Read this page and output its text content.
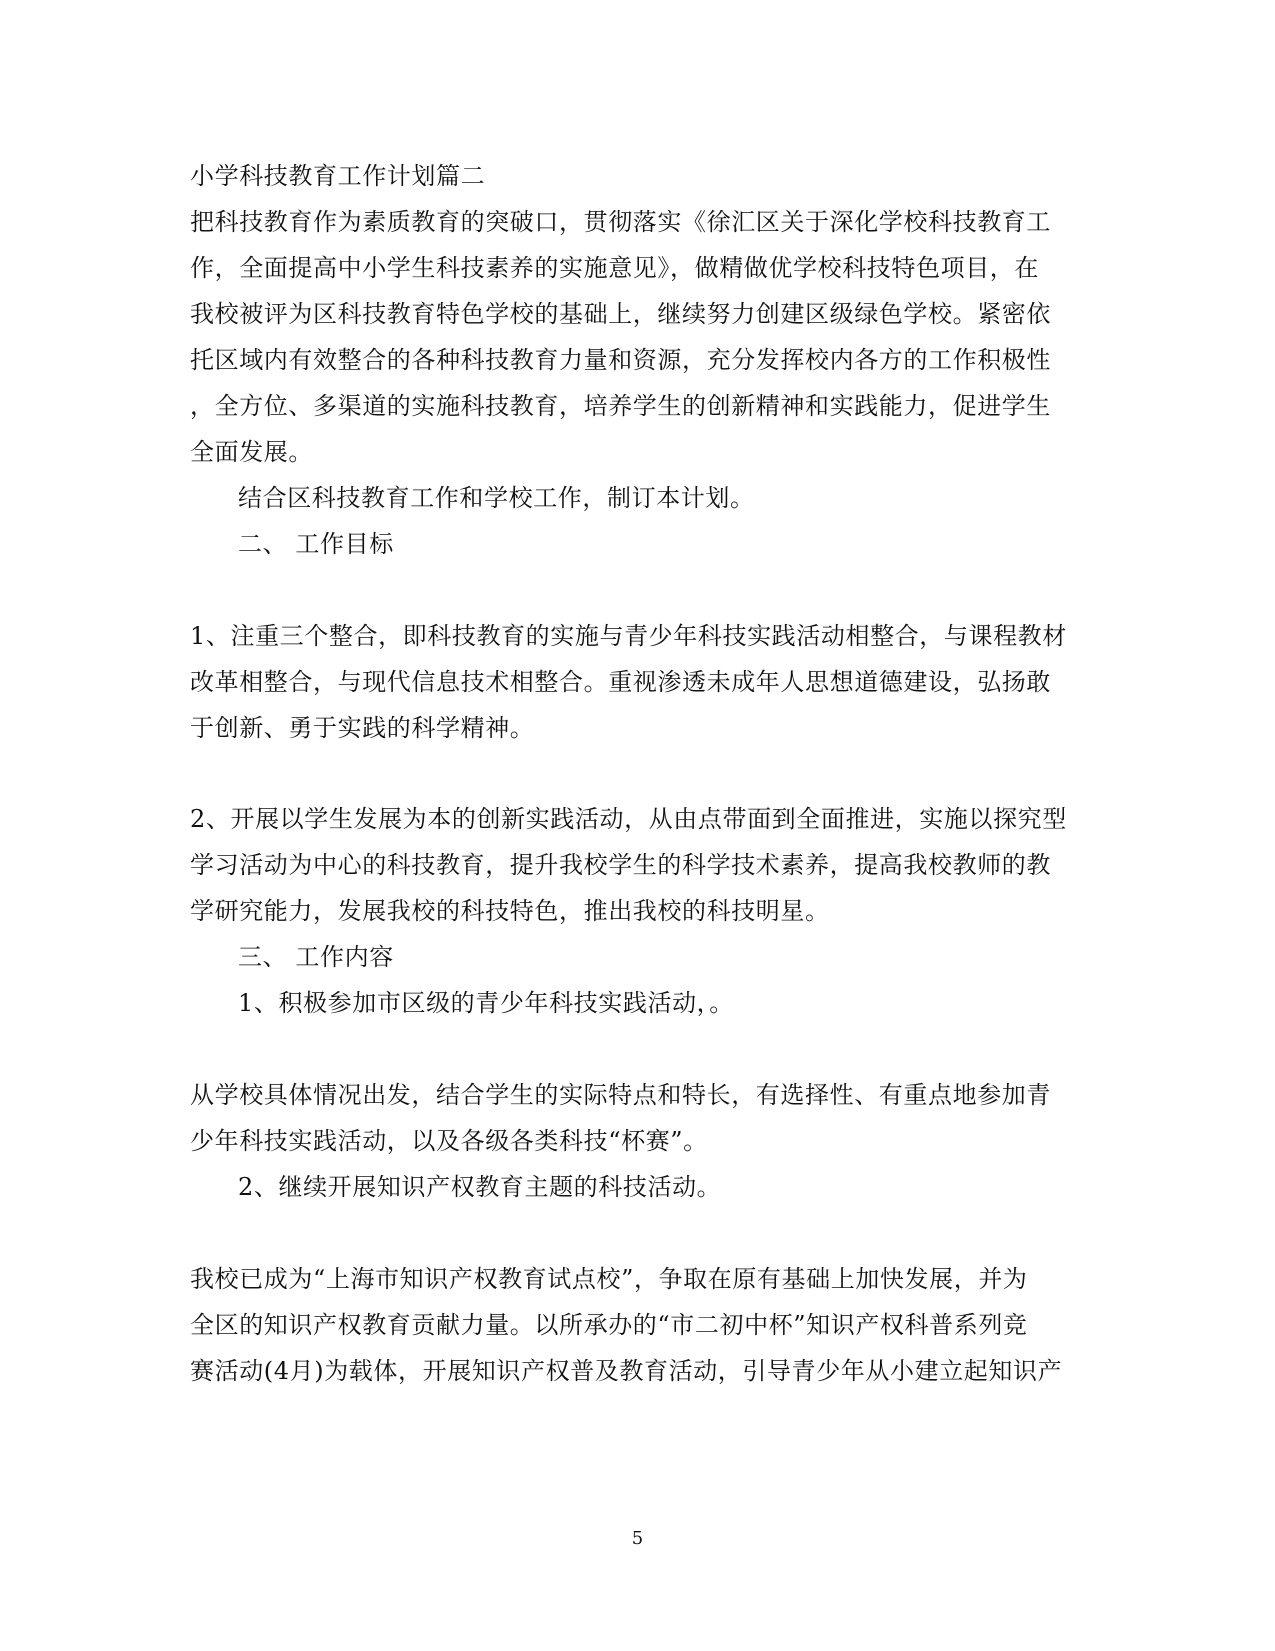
小学科技教育工作计划篇二
把科技教育作为素质教育的突破口，贯彻落实《徐汇区关于深化学校科技教育工
作，全面提高中小学生科技素养的实施意见》，做精做优学校科技特色项目，在
我校被评为区科技教育特色学校的基础上，继续努力创建区级绿色学校。紧密依
托区域内有效整合的各种科技教育力量和资源，充分发挥校内各方的工作积极性
，全方位、多渠道的实施科技教育，培养学生的创新精神和实践能力，促进学生
全面发展。
结合区科技教育工作和学校工作，制订本计划。
二、 工作目标
1、注重三个整合，即科技教育的实施与青少年科技实践活动相整合，与课程教材
改革相整合，与现代信息技术相整合。重视渗透未成年人思想道德建设，弘扬敢
于创新、勇于实践的科学精神。
2、开展以学生发展为本的创新实践活动，从由点带面到全面推进，实施以探究型
学习活动为中心的科技教育，提升我校学生的科学技术素养，提高我校教师的教
学研究能力，发展我校的科技特色，推出我校的科技明星。
三、 工作内容
1、积极参加市区级的青少年科技实践活动，。
从学校具体情况出发，结合学生的实际特点和特长，有选择性、有重点地参加青
少年科技实践活动，以及各级各类科技“杯赛”。
2、继续开展知识产权教育主题的科技活动。
我校已成为“上海市知识产权教育试点校”，争取在原有基础上加快发展，并为
全区的知识产权教育贡献力量。以所承办的“市二初中杯”知识产权科普系列竞
赛活动(4月)为载体，开展知识产权普及教育活动，引导青少年从小建立起知识产
5
